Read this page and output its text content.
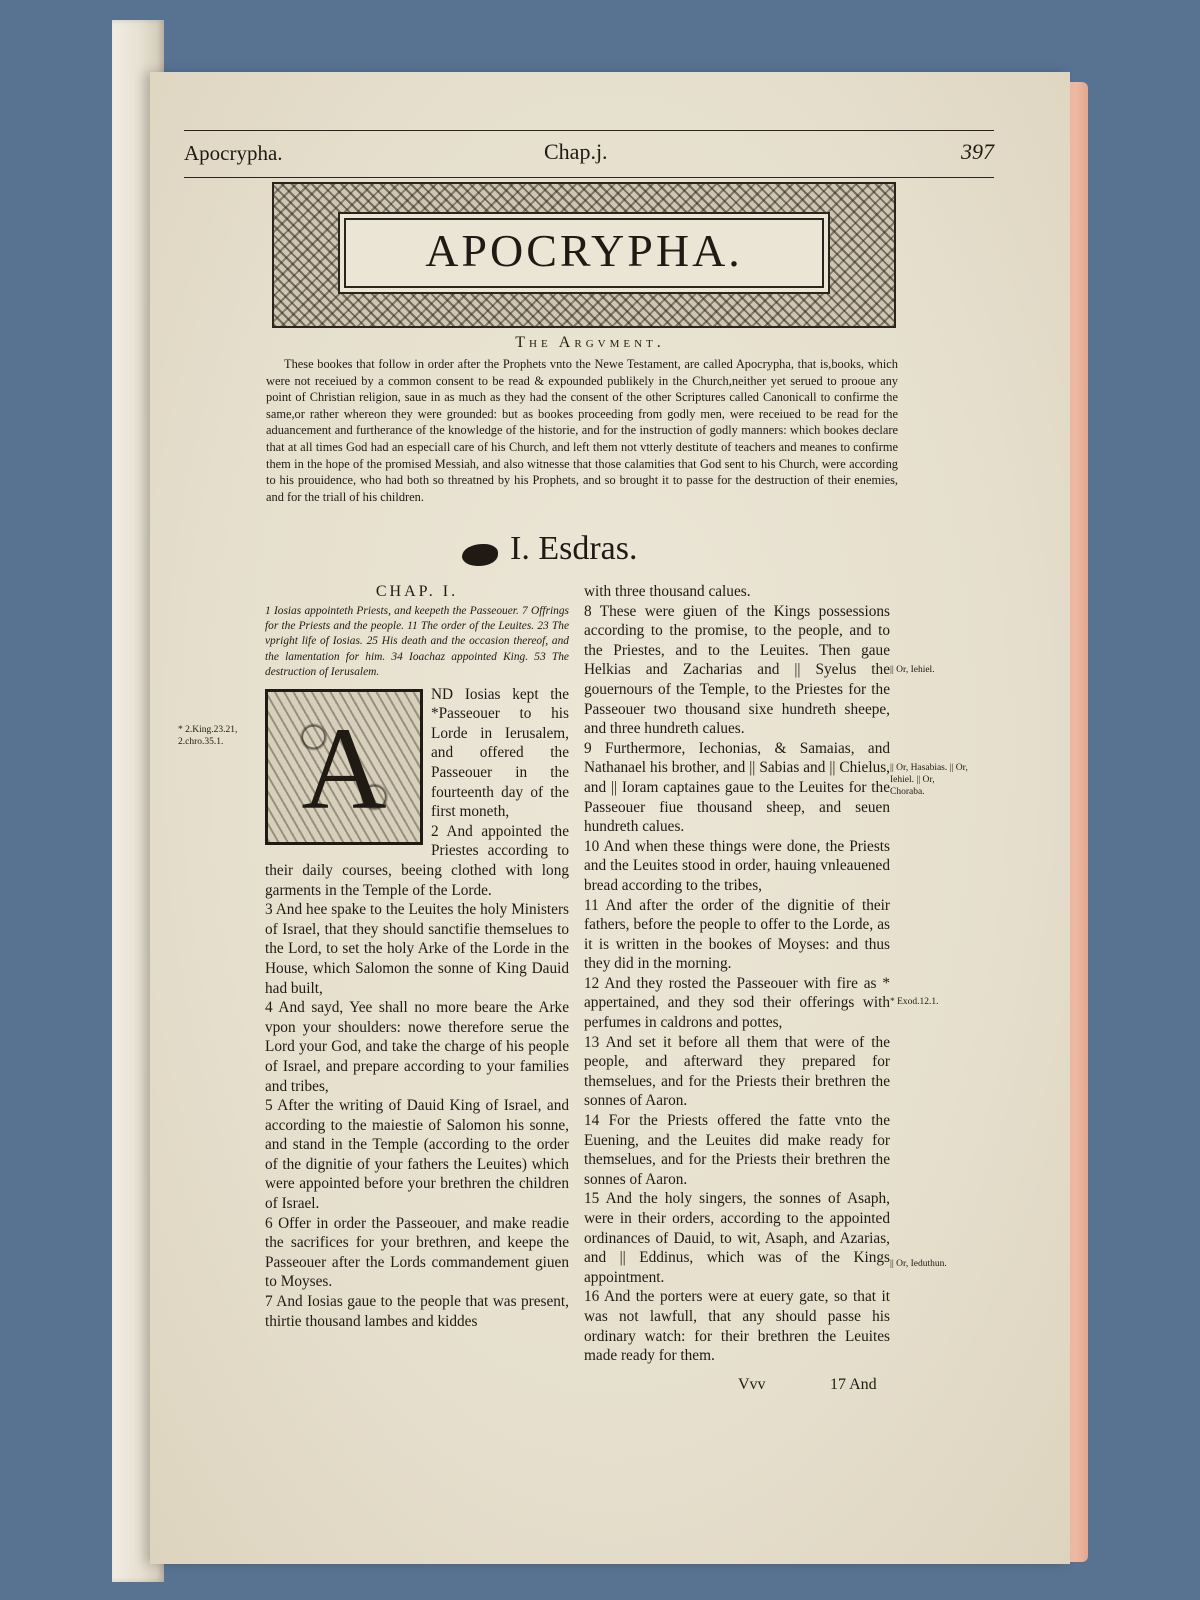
Apocrypha.	Chap.j.	397
APOCRYPHA.
The Argvment.
These bookes that follow in order after the Prophets vnto the Newe Testament, are called Apocrypha, that is,books, which were not receiued by a common consent to be read & expounded publikely in the Church,neither yet serued to prooue any point of Christian religion, saue in as much as they had the consent of the other Scriptures called Canonicall to confirme the same,or rather whereon they were grounded: but as bookes proceeding from godly men, were receiued to be read for the aduancement and furtherance of the knowledge of the historie, and for the instruction of godly manners: which bookes declare that at all times God had an especiall care of his Church, and left them not vtterly destitute of teachers and meanes to confirme them in the hope of the promised Messiah, and also witnesse that those calamities that God sent to his Church, were according to his prouidence, who had both so threatned by his Prophets, and so brought it to passe for the destruction of their enemies, and for the triall of his children.
I. Esdras.
CHAP. I.
1 Iosias appointeth Priests, and keepeth the Passeouer. 7 Offrings for the Priests and the people. 11 The order of the Leuites. 23 The vpright life of Iosias. 25 His death and the occasion thereof, and the lamentation for him. 34 Ioachaz appointed King. 53 The destruction of Ierusalem.
A

ND Iosias kept the *Passeouer to his Lorde in Ierusalem, and offered the Passeouer in the fourteenth day of the first moneth,

2 And appointed the Priestes according to their daily courses, beeing clothed with long garments in the Temple of the Lorde.

3 And hee spake to the Leuites the holy Ministers of Israel, that they should sanctifie themselues to the Lord, to set the holy Arke of the Lorde in the House, which Salomon the sonne of King Dauid had built,

4 And sayd, Yee shall no more beare the Arke vpon your shoulders: nowe therefore serue the Lord your God, and take the charge of his people of Israel, and prepare according to your families and tribes,

5 After the writing of Dauid King of Israel, and according to the maiestie of Salomon his sonne, and stand in the Temple (according to the order of the dignitie of your fathers the Leuites) which were appointed before your brethren the children of Israel.

6 Offer in order the Passeouer, and make readie the sacrifices for your brethren, and keepe the Passeouer after the Lords commandement giuen to Moyses.

7 And Iosias gaue to the people that was present, thirtie thousand lambes and kiddes

with three thousand calues.

8 These were giuen of the Kings possessions according to the promise, to the people, and to the Priestes, and to the Leuites. Then gaue Helkias and Zacharias and || Syelus the gouernours of the Temple, to the Priestes for the Passeouer two thousand sixe hundreth sheepe, and three hundreth calues.

9 Furthermore, Iechonias, & Samaias, and Nathanael his brother, and || Sabias and || Chielus, and || Ioram captaines gaue to the Leuites for the Passeouer fiue thousand sheep, and seuen hundreth calues.

10 And when these things were done, the Priests and the Leuites stood in order, hauing vnleauened bread according to the tribes,

11 And after the order of the dignitie of their fathers, before the people to offer to the Lorde, as it is written in the bookes of Moyses: and thus they did in the morning.

12 And they rosted the Passeouer with fire as * appertained, and they sod their offerings with perfumes in caldrons and pottes,

13 And set it before all them that were of the people, and afterward they prepared for themselues, and for the Priests their brethren the sonnes of Aaron.

14 For the Priests offered the fatte vnto the Euening, and the Leuites did make ready for themselues, and for the Priests their brethren the sonnes of Aaron.

15 And the holy singers, the sonnes of Asaph, were in their orders, according to the appointed ordinances of Dauid, to wit, Asaph, and Azarias, and || Eddinus, which was of the Kings appointment.

16 And the porters were at euery gate, so that it was not lawfull, that any should passe his ordinary watch: for their brethren the Leuites made ready for them.

* 2.King.23.21, 2.chro.35.1.
|| Or, Iehiel.
|| Or, Hasabias. || Or, Iehiel. || Or, Choraba.
* Exod.12.1.
|| Or, Ieduthun.
Vvv	17 And
